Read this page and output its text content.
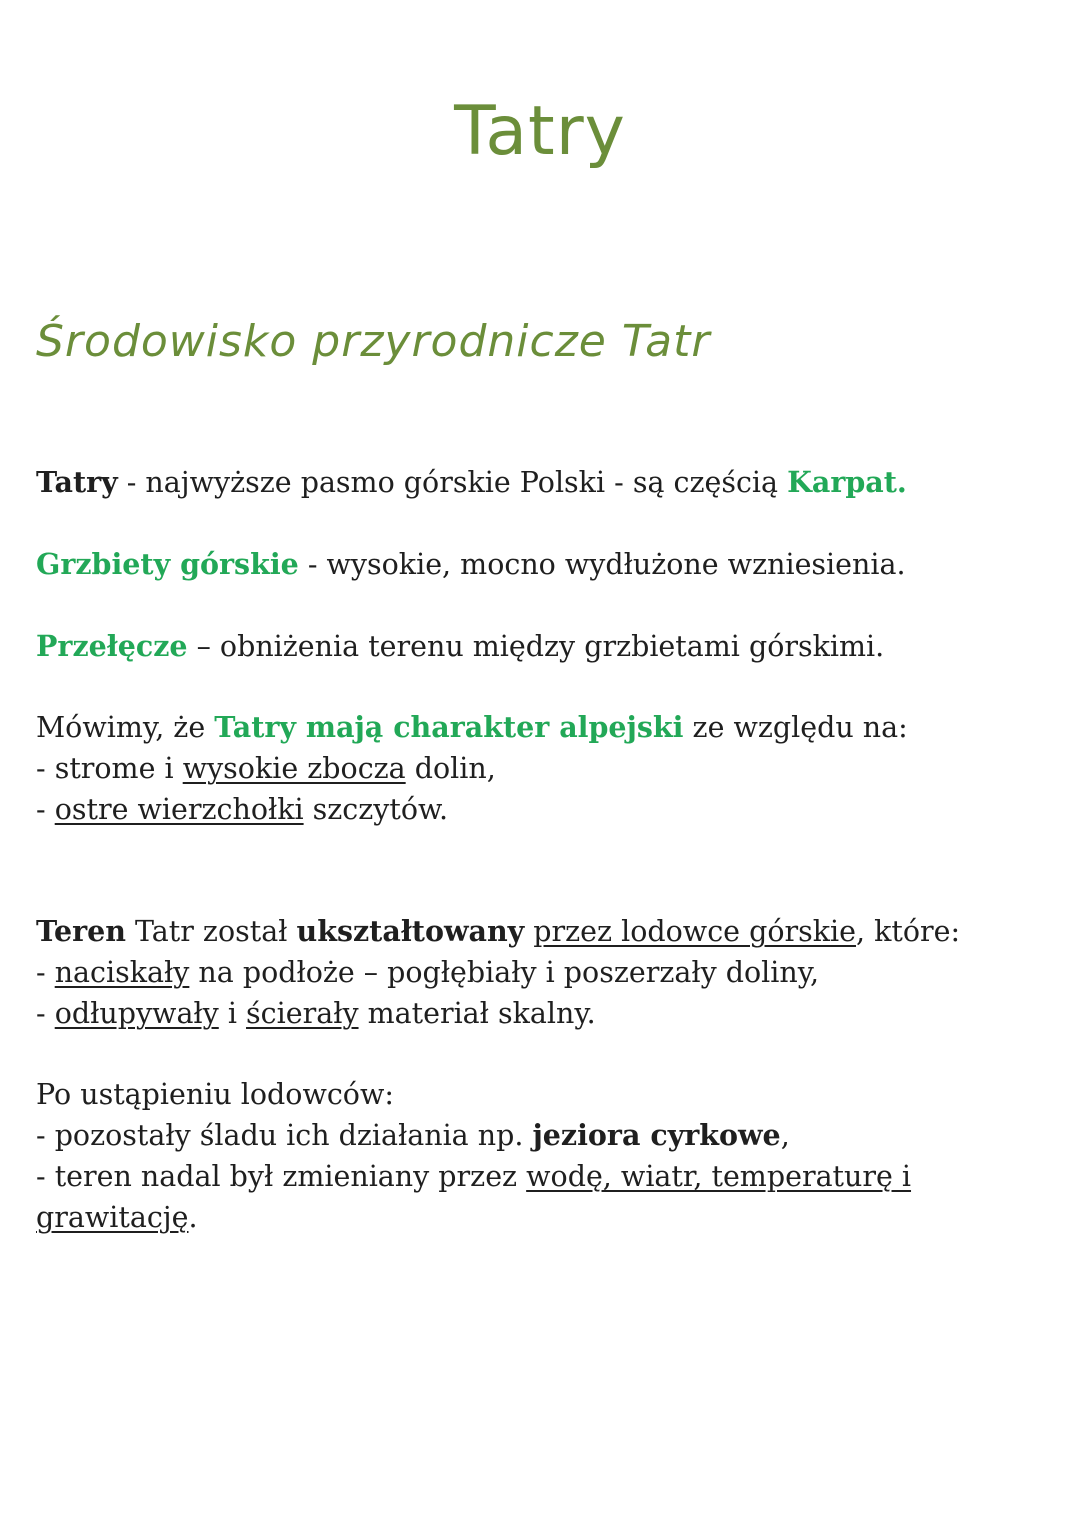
Tatry
Środowisko przyrodnicze Tatr
Tatry - najwyższe pasmo górskie Polski - są częścią Karpat.
Grzbiety górskie - wysokie, mocno wydłużone wzniesienia.
Przełęcze – obniżenia terenu między grzbietami górskimi.
Mówimy, że Tatry mają charakter alpejski ze względu na:
- strome i wysokie zbocza dolin,
- ostre wierzchołki szczytów.
Teren Tatr został ukształtowany przez lodowce górskie, które:
- naciskały na podłoże – pogłębiały i poszerzały doliny,
- odłupywały i ścierały materiał skalny.
Po ustąpieniu lodowców:
- pozostały śladu ich działania np. jeziora cyrkowe,
- teren nadal był zmieniany przez wodę, wiatr, temperaturę i
grawitację.
